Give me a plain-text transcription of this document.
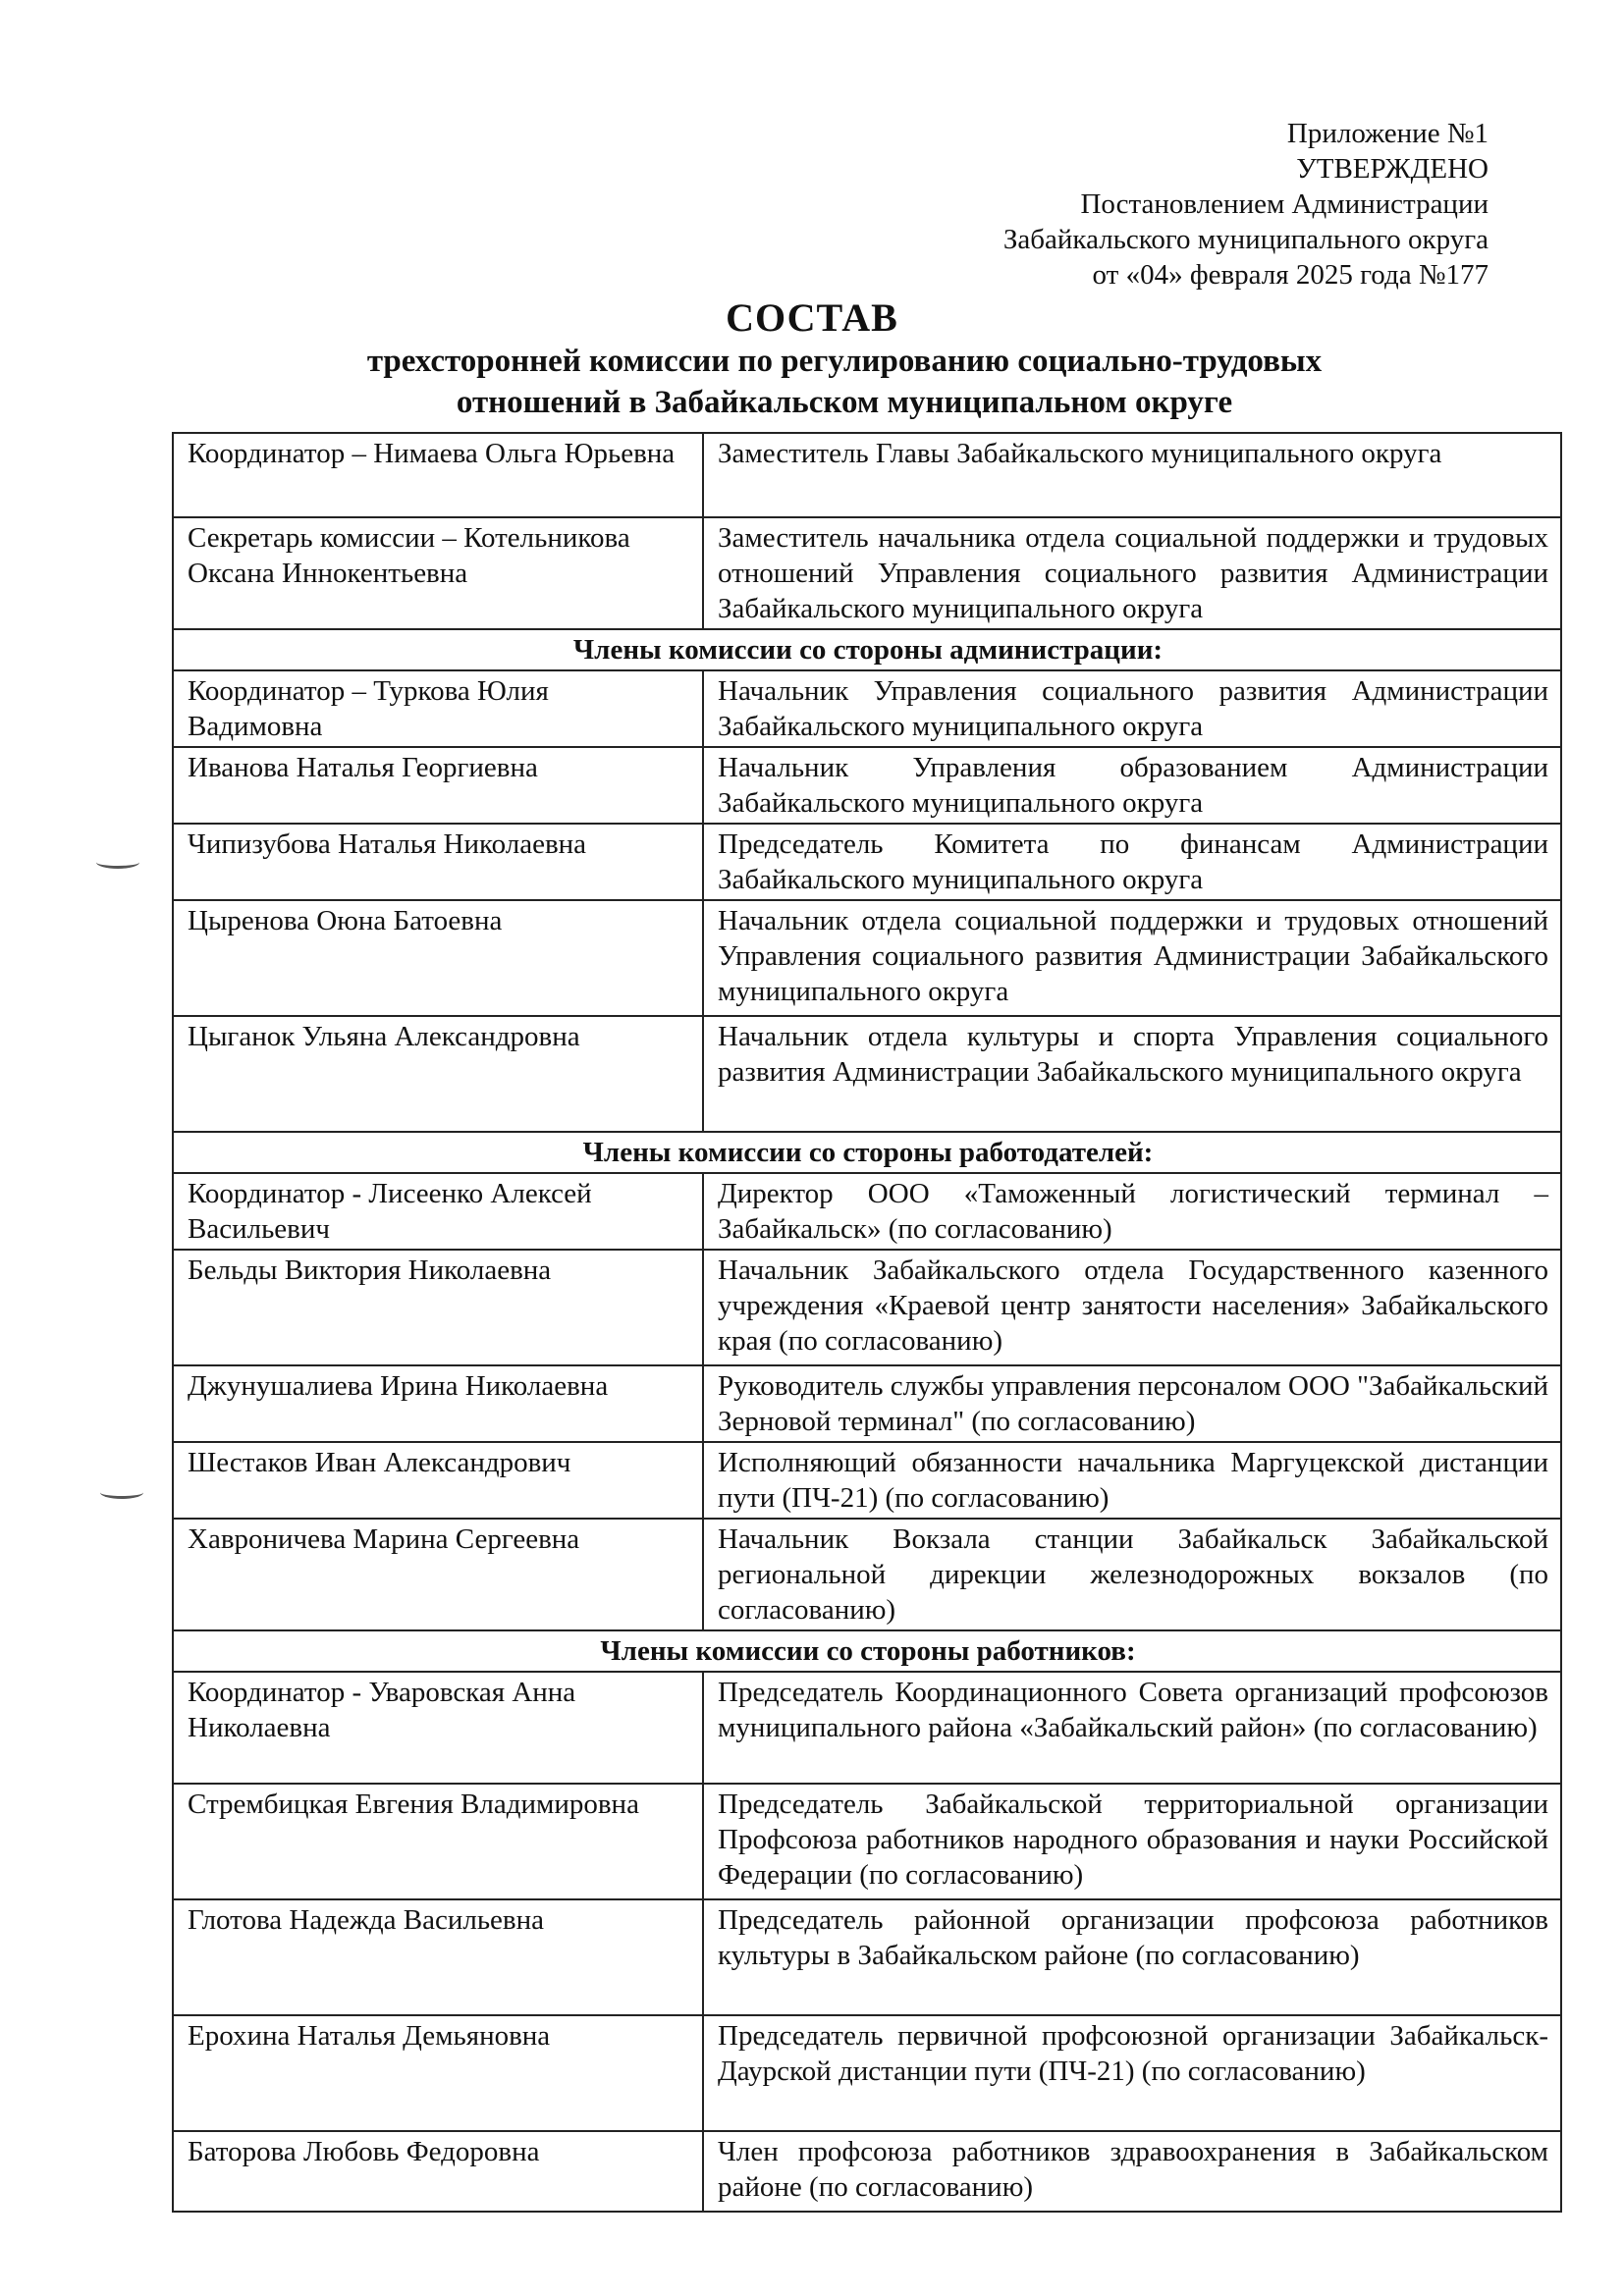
Приложение №1
УТВЕРЖДЕНО
Постановлением Администрации
Забайкальского муниципального округа
от «04» февраля 2025 года №177
СОСТАВ
трехсторонней комиссии по регулированию социально-трудовых
отношений в Забайкальском муниципальном округе
Координатор – Нимаева Ольга Юрьевна	Заместитель Главы Забайкальского муниципального округа
Секретарь комиссии – Котельникова Оксана Иннокентьевна	Заместитель начальника отдела социальной поддержки и трудовых отношений Управления социального развития Администрации Забайкальского муниципального округа
Члены комиссии со стороны администрации:	
Координатор – Туркова Юлия Вадимовна	Начальник Управления социального развития Администрации Забайкальского муниципального округа
Иванова Наталья Георгиевна	Начальник Управления образованием Администрации Забайкальского муниципального округа
Чипизубова Наталья Николаевна	Председатель Комитета по финансам Администрации Забайкальского муниципального округа
Цыренова Оюна Батоевна	Начальник отдела социальной поддержки и трудовых отношений Управления социального развития Администрации Забайкальского муниципального округа
Цыганок Ульяна Александровна	Начальник отдела культуры и спорта Управления социального развития Администрации Забайкальского муниципального округа
Члены комиссии со стороны работодателей:	
Координатор - Лисеенко Алексей Васильевич	Директор ООО «Таможенный логистический терминал – Забайкальск» (по согласованию)
Бельды Виктория Николаевна	Начальник Забайкальского отдела Государственного казенного учреждения «Краевой центр занятости населения» Забайкальского края (по согласованию)
Джунушалиева Ирина Николаевна	Руководитель службы управления персоналом ООО "Забайкальский Зерновой терминал" (по согласованию)
Шестаков Иван Александрович	Исполняющий обязанности начальника Маргуцекской дистанции пути (ПЧ-21) (по согласованию)
Хавроничева Марина Сергеевна	Начальник Вокзала станции Забайкальск Забайкальской региональной дирекции железнодорожных вокзалов (по согласованию)
Члены комиссии со стороны работников:	
Координатор - Уваровская Анна Николаевна	Председатель Координационного Совета организаций профсоюзов муниципального района «Забайкальский район» (по согласованию)
Стрембицкая Евгения Владимировна	Председатель Забайкальской территориальной организации Профсоюза работников народного образования и науки Российской Федерации (по согласованию)
Глотова Надежда Васильевна	Председатель районной организации профсоюза работников культуры в Забайкальском районе (по согласованию)
Ерохина Наталья Демьяновна	Председатель первичной профсоюзной организации Забайкальск-Даурской дистанции пути (ПЧ-21) (по согласованию)
Баторова Любовь Федоровна	Член профсоюза работников здравоохранения в Забайкальском районе (по согласованию)
